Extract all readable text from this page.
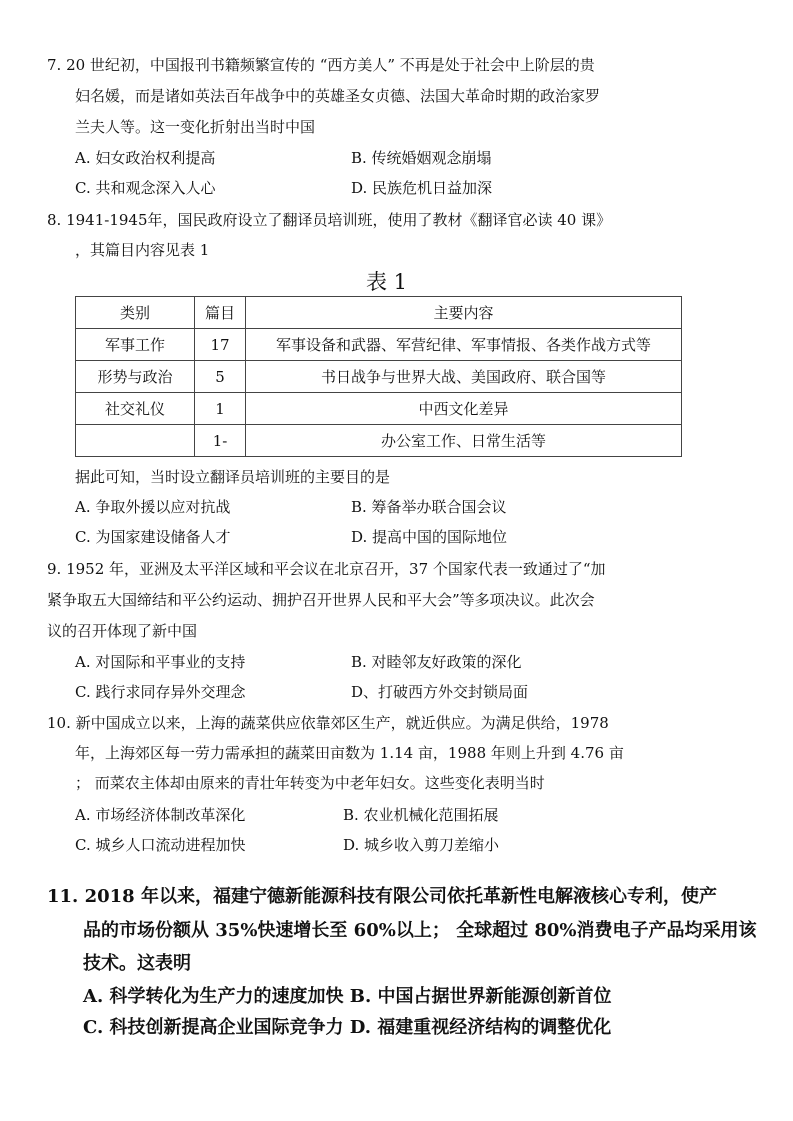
7. 20 世纪初，中国报刊书籍频繁宣传的 “西方美人” 不再是处于社会中上阶层的贵
妇名媛，而是诸如英法百年战争中的英雄圣女贞德、法国大革命时期的政治家罗
兰夫人等。这一变化折射出当时中国
A. 妇女政治权利提高	B. 传统婚姻观念崩塌
C. 共和观念深入人心	D. 民族危机日益加深
8. 1941-1945年，国民政府设立了翻译员培训班，使用了教材《翻译官必读 40 课》
，其篇目内容见表 1
表 1
类别	篇目	主要内容
军事工作	17	军事设备和武器、军营纪律、军事情报、各类作战方式等
形势与政治	5	书日战争与世界大战、美国政府、联合国等
社交礼仪	1	中西文化差异
	1-	办公室工作、日常生活等
据此可知，当时设立翻译员培训班的主要目的是
A. 争取外援以应对抗战	B. 筹备举办联合国会议
C. 为国家建设储备人才	D. 提高中国的国际地位
9. 1952 年，亚洲及太平洋区域和平会议在北京召开，37 个国家代表一致通过了“加
紧争取五大国缔结和平公约运动、拥护召开世界人民和平大会”等多项决议。此次会
议的召开体现了新中国
A. 对国际和平事业的支持	B. 对睦邻友好政策的深化
C. 践行求同存异外交理念	D、打破西方外交封锁局面
10. 新中国成立以来，上海的蔬菜供应依靠郊区生产，就近供应。为满足供给，1978
年，上海郊区每一劳力需承担的蔬菜田亩数为 1.14 亩，1988 年则上升到 4.76 亩
； 而菜农主体却由原来的青壮年转变为中老年妇女。这些变化表明当时
A. 市场经济体制改革深化	B. 农业机械化范围拓展
C. 城乡人口流动进程加快	D. 城乡收入剪刀差缩小
11. 2018 年以来，福建宁德新能源科技有限公司依托革新性电解液核心专利，使产
品的市场份额从 35%快速增长至 60%以上； 全球超过 80%消费电子产品均采用该
技术。这表明
A. 科学转化为生产力的速度加快 B. 中国占据世界新能源创新首位
C. 科技创新提高企业国际竞争力 D. 福建重视经济结构的调整优化
